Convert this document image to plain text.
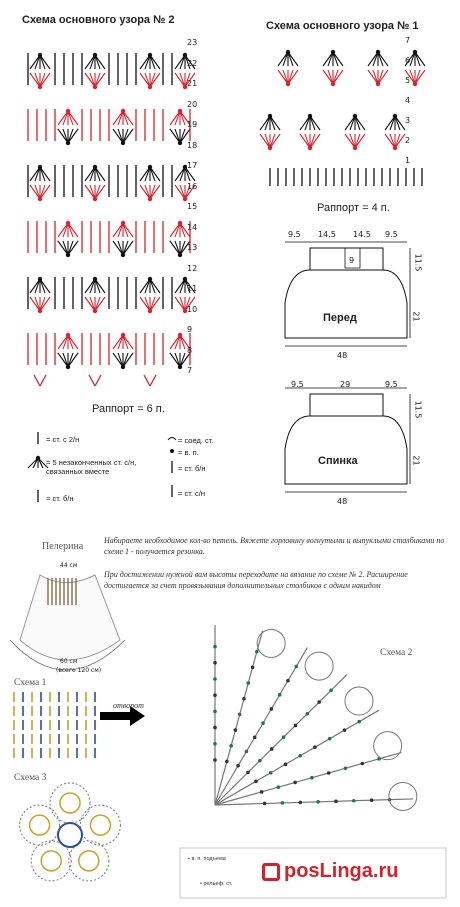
Схема основного узора № 2
23
22
21
20
19
18
17
16
15
14
13
12
11
10
9
8
7
Раппорт = 6 п.
Схема основного узора № 1
7
6
5
4
3
2
1
Раппорт = 4 п.
= ст. с 2/н
= 5 незаконченных ст. с/н, связанных вместе
= ст. б/н
= соед. ст.
= в. п.
= ст. б/н
= ст. с/н
9.5 14.5 14.5 9.5
9	11.5
21
Перед
48
9.5	29	9.5
11.5
21
Спинка
48
Пелерина
Набираете необходимое кол-во петель. Вяжете горловину вогнутыми и выпуклыми столбиками по схеме 1 - получается резинка.
При достижении нужной вам высоты переходите на вязание по схеме № 2. Расширение достигается за счет провязывания дополнительных столбиков с одним накидом
44 см
60 см
(всего 120 см)
Схема 1
Схема 2
Схема 3
отворот
• в. п. подъема
• рельеф. ст.
posLinga.ru
